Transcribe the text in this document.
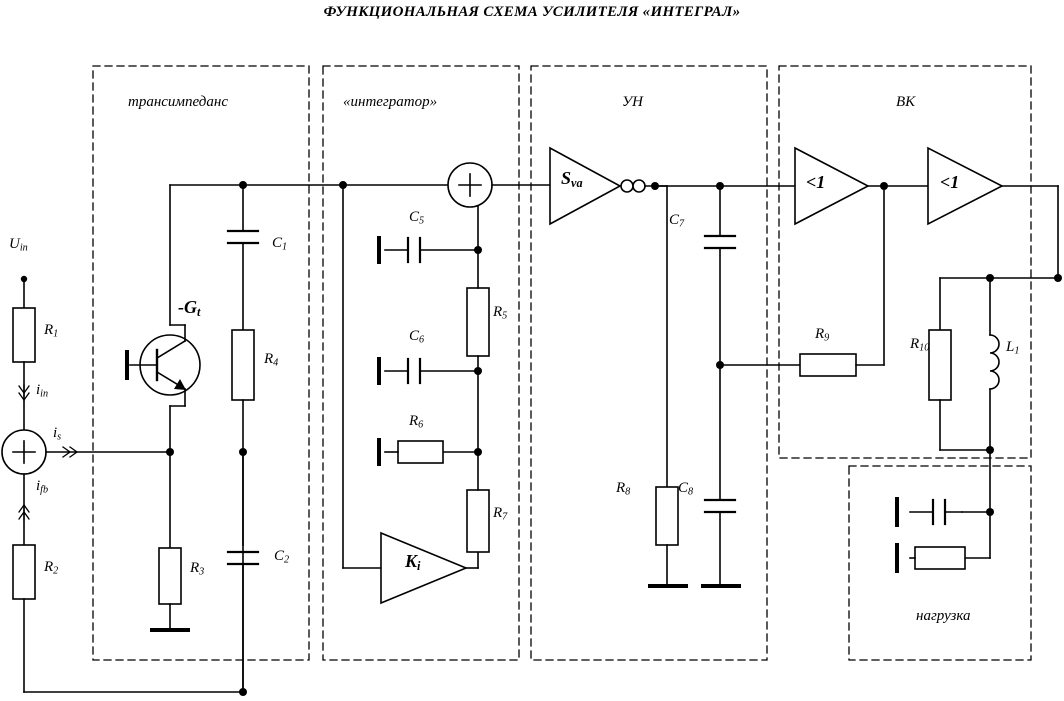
ФУНКЦИОНАЛЬНАЯ СХЕМА УСИЛИТЕЛЯ «ИНТЕГРАЛ»
трансимпеданс	«интегратор»	УН	ВК
нагрузка
$U_{in}$
$i_{in}$
$i_s$
$i_{fb}$
$R_1$
$R_2$	$R_3$
$R_4$
$R_5$
$R_6$
$R_7$
$R_8$
$R_9$	$R_{10}$
$C_1$
$C_2$
$C_5$
$C_6$
$C_7$
$C_8$
$L_1$
$-G_t$
$K_i$
$S_{va}$	<1	<1
